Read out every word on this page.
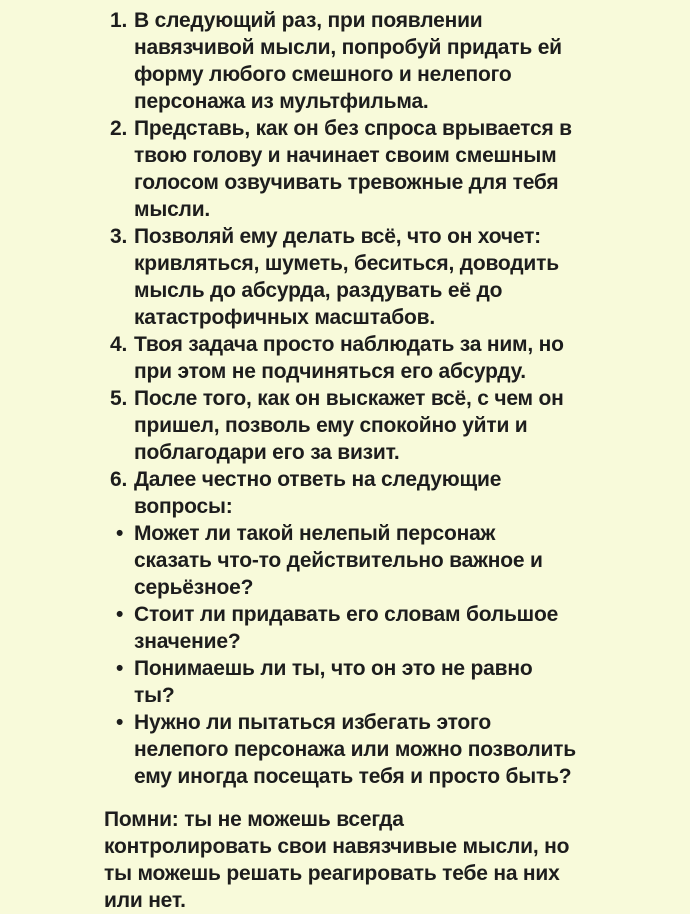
1. В следующий раз, при появлении навязчивой мысли, попробуй придать ей форму любого смешного и нелепого персонажа из мультфильма.
2. Представь, как он без спроса врывается в твою голову и начинает своим смешным голосом озвучивать тревожные для тебя мысли.
3. Позволяй ему делать всё, что он хочет: кривляться, шуметь, беситься, доводить мысль до абсурда, раздувать её до катастрофичных масштабов.
4. Твоя задача просто наблюдать за ним, но при этом не подчиняться его абсурду.
5. После того, как он выскажет всё, с чем он пришел, позволь ему спокойно уйти и поблагодари его за визит.
6. Далее честно ответь на следующие вопросы:
• Может ли такой нелепый персонаж сказать что-то действительно важное и серьёзное?
• Стоит ли придавать его словам большое значение?
• Понимаешь ли ты, что он это не равно ты?
• Нужно ли пытаться избегать этого нелепого персонажа или можно позволить ему иногда посещать тебя и просто быть?
Помни: ты не можешь всегда контролировать свои навязчивые мысли, но ты можешь решать реагировать тебе на них или нет.
